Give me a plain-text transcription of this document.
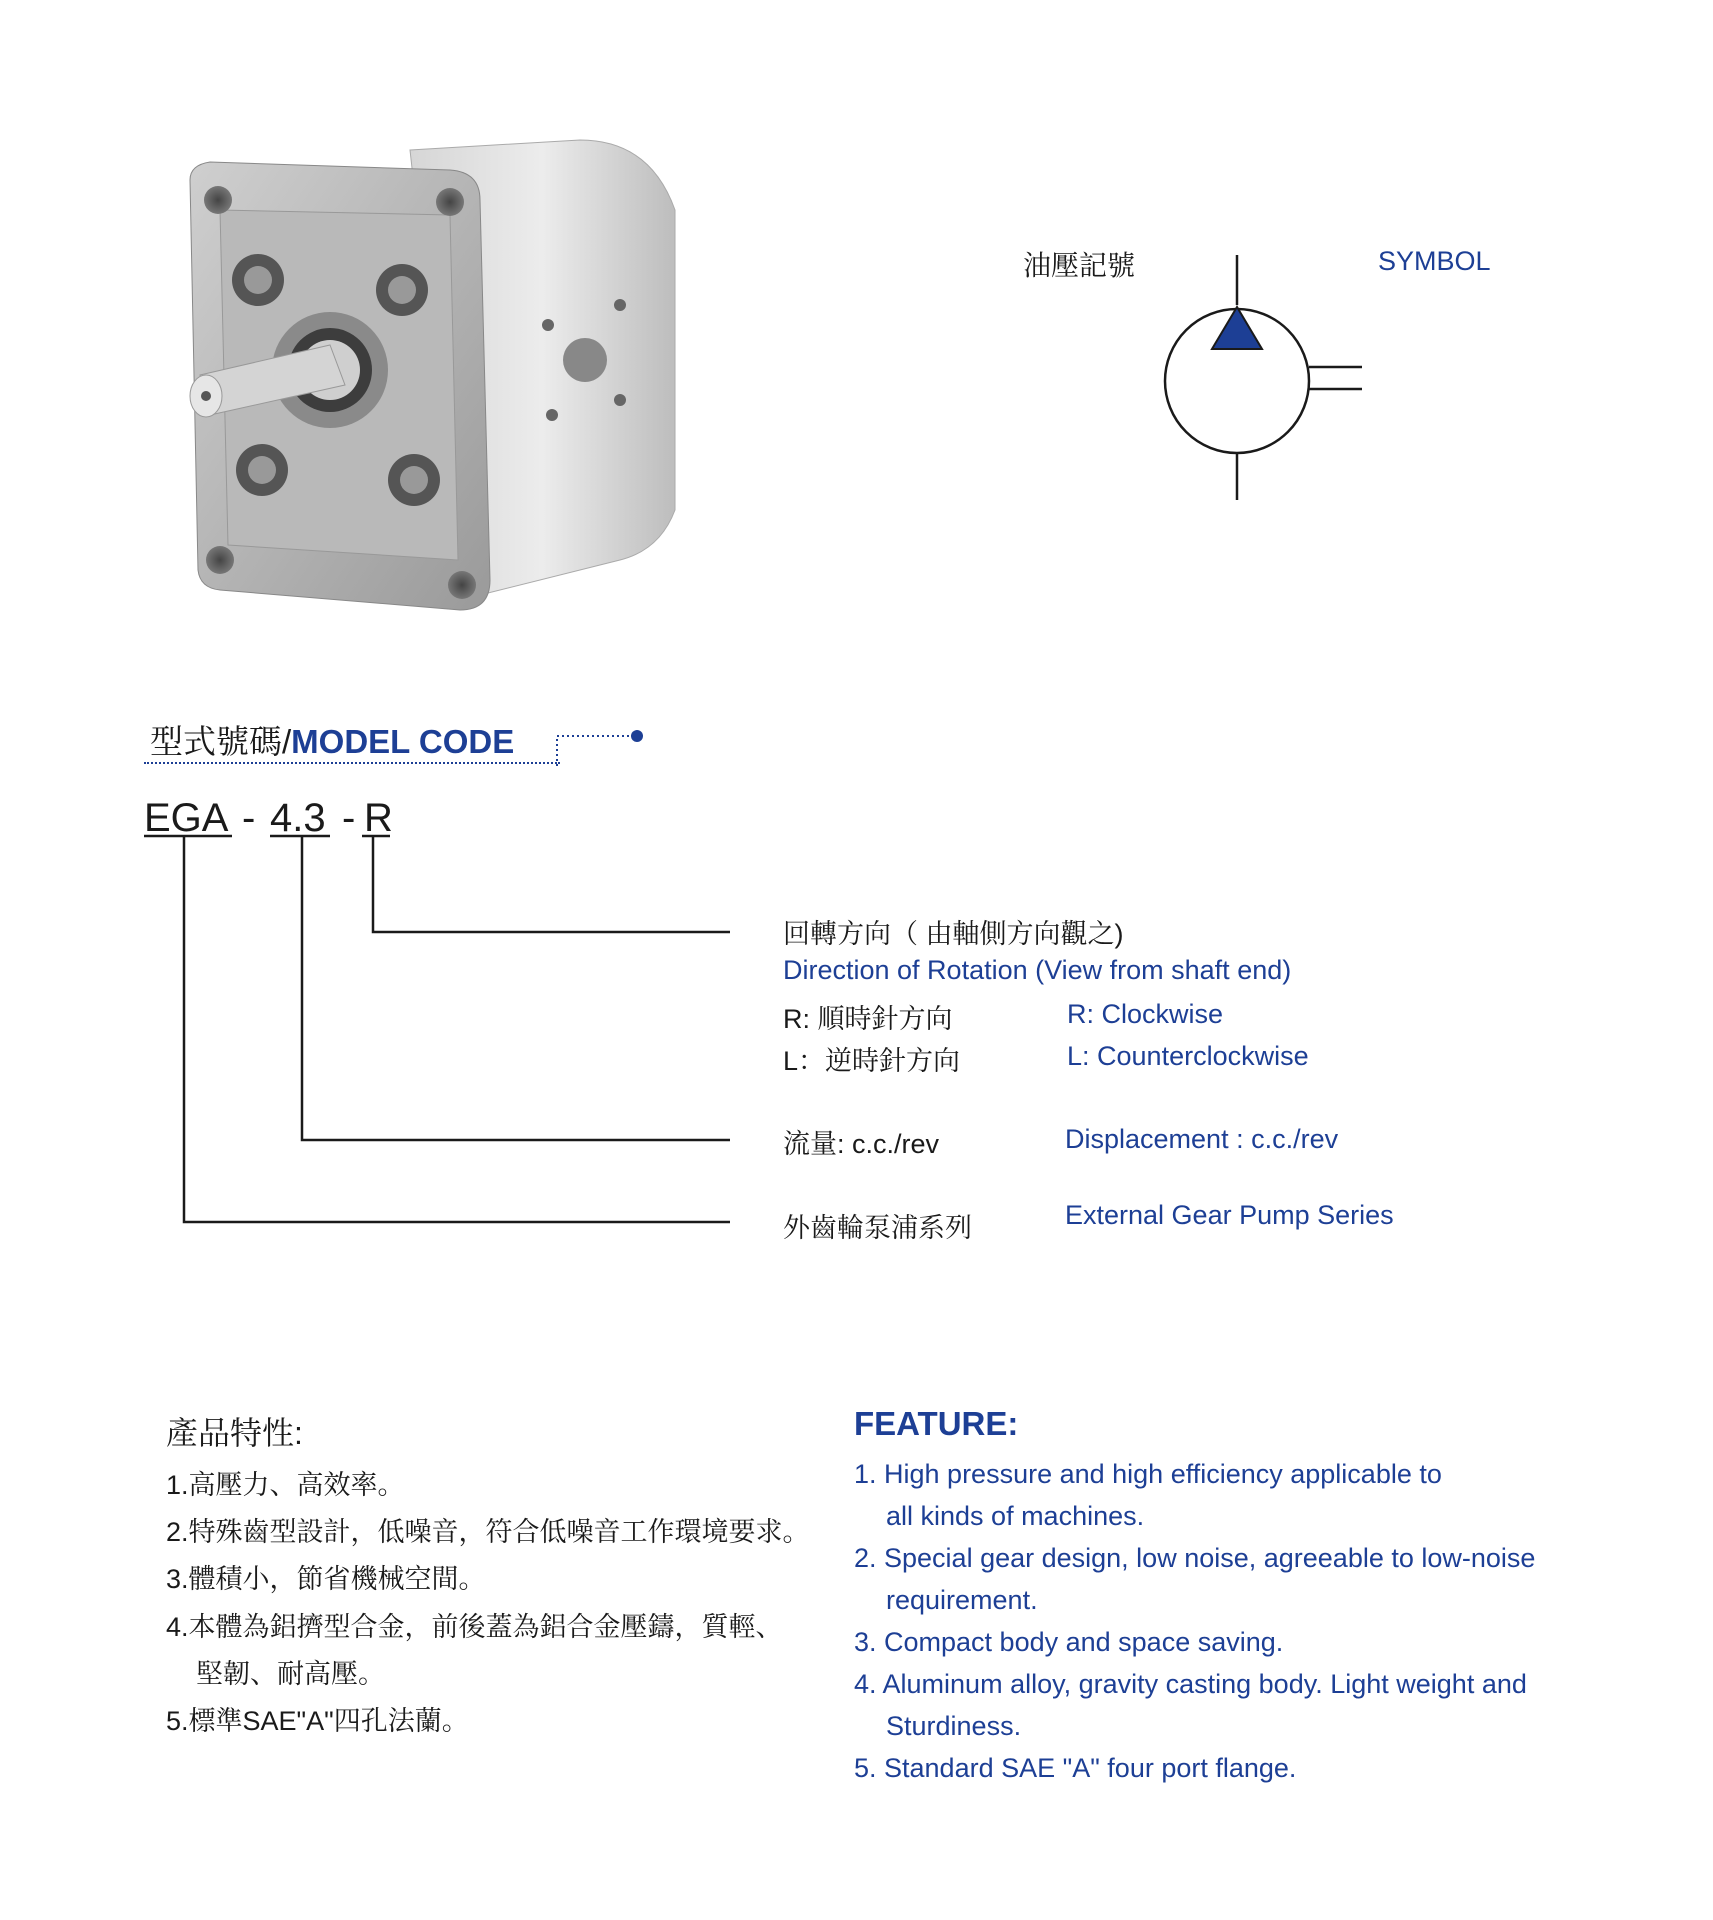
油壓記號	SYMBOL
型式號碼/MODEL CODE
EGA - 4.3 - R
回轉方向（ 由軸側方向觀之)
Direction of Rotation (View from shaft end)
R: 順時針方向	R: Clockwise
L：逆時針方向	L: Counterclockwise
流量: c.c./rev	Displacement : c.c./rev
外齒輪泵浦系列	External Gear Pump Series
產品特性:	FEATURE:
1.高壓力、高效率。
2.特殊齒型設計，低噪音，符合低噪音工作環境要求。
3.體積小，節省機械空間。
4.本體為鋁擠型合金，前後蓋為鋁合金壓鑄，質輕、
堅韌、耐高壓。
5.標準SAE"A"四孔法蘭。
1. High pressure and high efficiency applicable to
all kinds of machines.
2. Special gear design, low noise, agreeable to low-noise
requirement.
3. Compact body and space saving.
4. Aluminum alloy, gravity casting body. Light weight and
Sturdiness.
5. Standard SAE "A" four port flange.
